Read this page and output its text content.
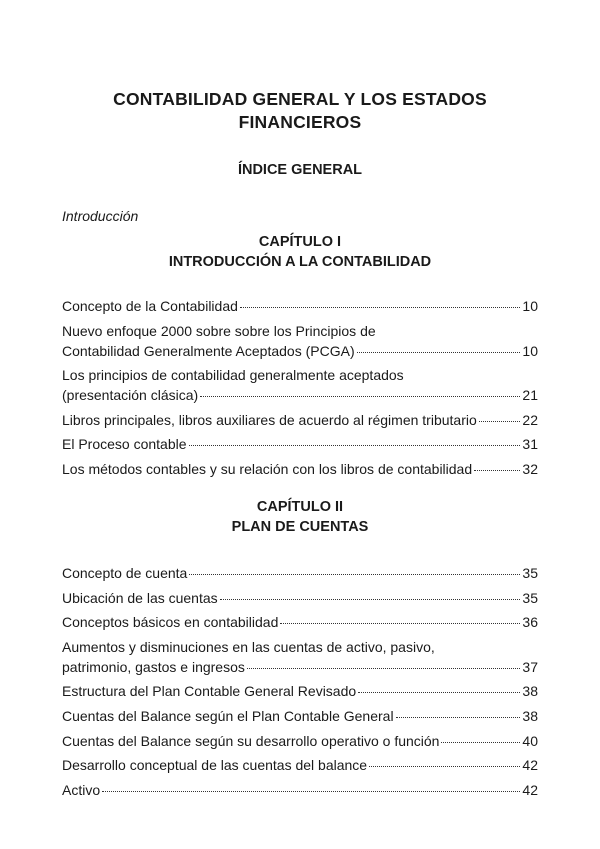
CONTABILIDAD GENERAL Y LOS ESTADOS
FINANCIEROS
ÍNDICE GENERAL
Introducción
CAPÍTULO I
INTRODUCCIÓN A LA CONTABILIDAD
Concepto de la Contabilidad	10
Nuevo enfoque 2000 sobre sobre los Principios de
Contabilidad Generalmente Aceptados (PCGA)	10
Los principios de contabilidad generalmente aceptados
(presentación clásica)	21
Libros principales, libros auxiliares de acuerdo al régimen tributario	22
El Proceso contable	31
Los métodos contables y su relación con los libros de contabilidad	32
CAPÍTULO II
PLAN DE CUENTAS
Concepto de cuenta	35
Ubicación de las cuentas	35
Conceptos básicos en contabilidad	36
Aumentos y disminuciones en las cuentas de activo, pasivo,
patrimonio, gastos e ingresos	37
Estructura del Plan Contable General Revisado	38
Cuentas del Balance según el Plan Contable General	38
Cuentas del Balance según su desarrollo operativo o función	40
Desarrollo conceptual de las cuentas del balance	42
Activo	42
